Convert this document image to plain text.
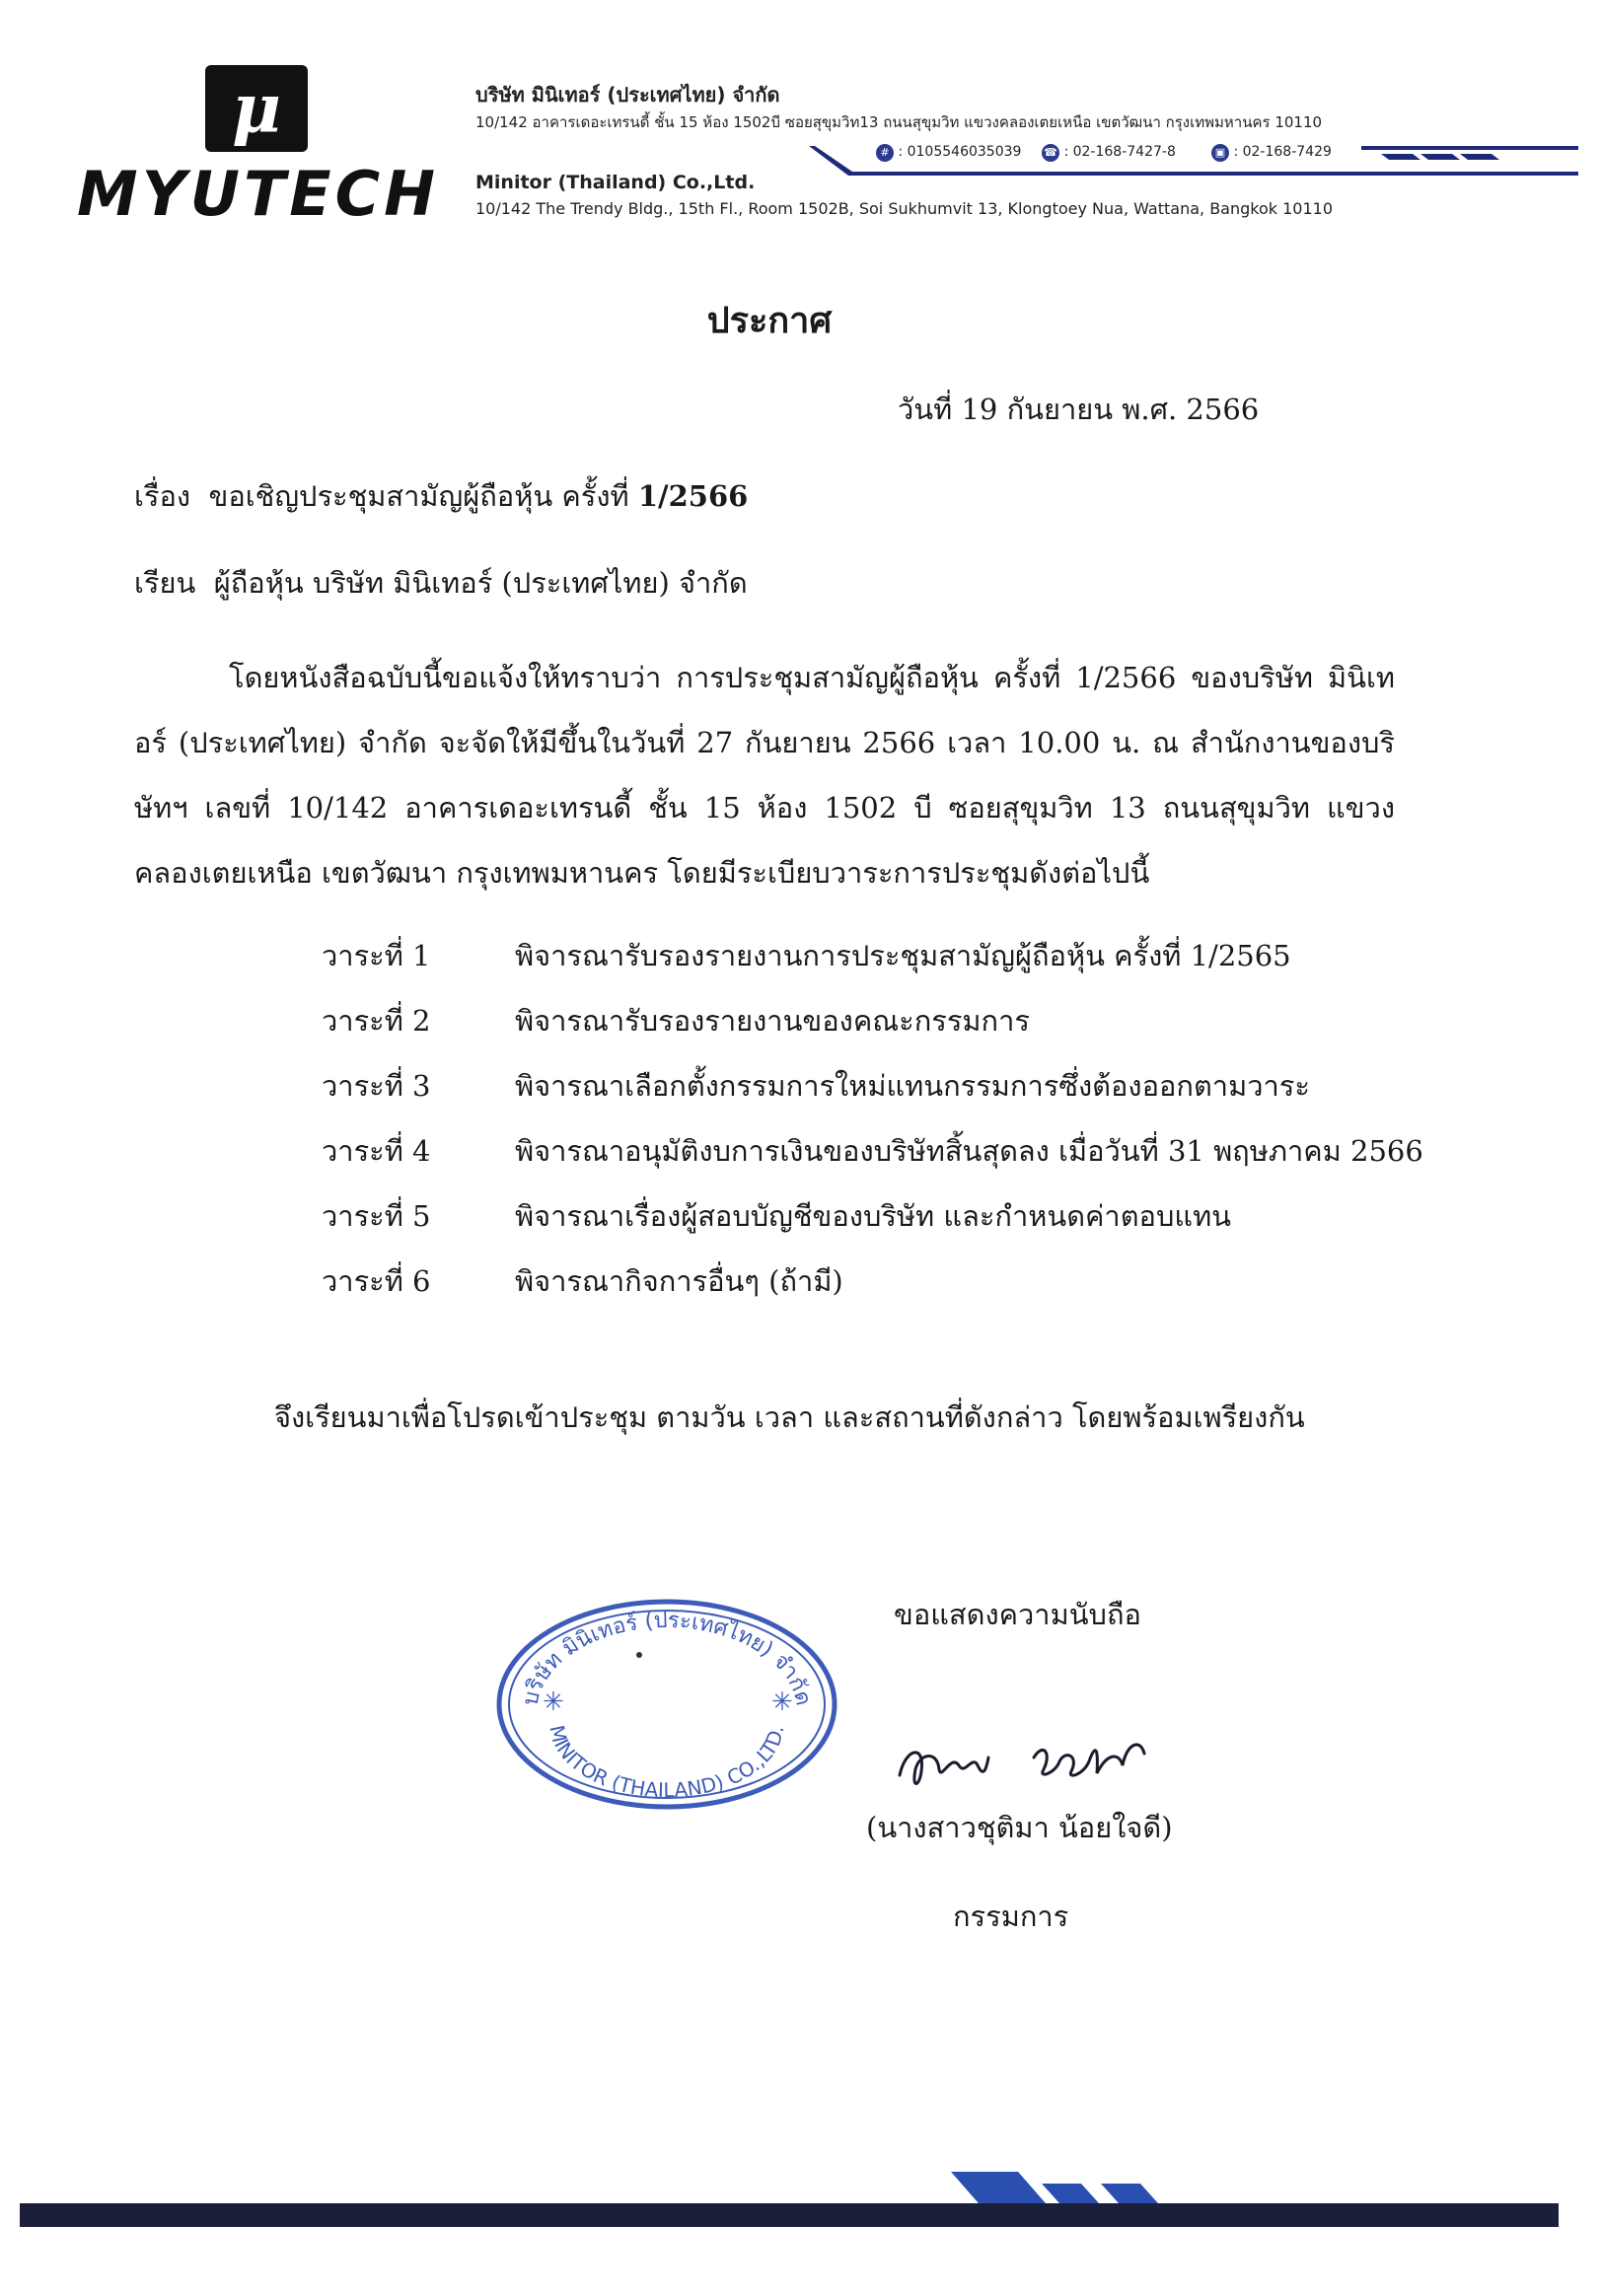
μ
MYUTECH
บริษัท มินิเทอร์ (ประเทศไทย) จำกัด
10/142 อาคารเดอะเทรนดี้ ชั้น 15 ห้อง 1502บี ซอยสุขุมวิท13 ถนนสุขุมวิท แขวงคลองเตยเหนือ เขตวัฒนา กรุงเทพมหานคร 10110
# : 0105546035039 ☎ : 02-168-7427-8	▣ : 02-168-7429
Minitor (Thailand) Co.,Ltd.
10/142 The Trendy Bldg., 15th Fl., Room 1502B, Soi Sukhumvit 13, Klongtoey Nua, Wattana, Bangkok 10110
ประกาศ
วันที่ 19 กันยายน พ.ศ. 2566
เรื่อง ขอเชิญประชุมสามัญผู้ถือหุ้น ครั้งที่ 1/2566
เรียน ผู้ถือหุ้น บริษัท มินิเทอร์ (ประเทศไทย) จำกัด
โดยหนังสือฉบับนี้ขอแจ้งให้ทราบว่า การประชุมสามัญผู้ถือหุ้น ครั้งที่ 1/2566 ของบริษัท มินิเทอร์ (ประเทศไทย) จำกัด จะจัดให้มีขึ้นในวันที่ 27 กันยายน 2566 เวลา 10.00 น. ณ สำนักงานของบริษัทฯ เลขที่ 10/142 อาคารเดอะเทรนดี้ ชั้น 15 ห้อง 1502 บี ซอยสุขุมวิท 13 ถนนสุขุมวิท แขวงคลองเตยเหนือ เขตวัฒนา กรุงเทพมหานคร โดยมีระเบียบวาระการประชุมดังต่อไปนี้
วาระที่ 1	พิจารณารับรองรายงานการประชุมสามัญผู้ถือหุ้น ครั้งที่ 1/2565
วาระที่ 2	พิจารณารับรองรายงานของคณะกรรมการ
วาระที่ 3	พิจารณาเลือกตั้งกรรมการใหม่แทนกรรมการซึ่งต้องออกตามวาระ
วาระที่ 4	พิจารณาอนุมัติงบการเงินของบริษัทสิ้นสุดลง เมื่อวันที่ 31 พฤษภาคม 2566
วาระที่ 5	พิจารณาเรื่องผู้สอบบัญชีของบริษัท และกำหนดค่าตอบแทน
วาระที่ 6	พิจารณากิจการอื่นๆ (ถ้ามี)
จึงเรียนมาเพื่อโปรดเข้าประชุม ตามวัน เวลา และสถานที่ดังกล่าว โดยพร้อมเพรียงกัน
ขอแสดงความนับถือ
บริษัท มินิเทอร์ (ประเทศไทย) จำกัด
MINITOR (THAILAND) CO.,LTD.
✳	✳
(นางสาวชุติมา น้อยใจดี)
กรรมการ
